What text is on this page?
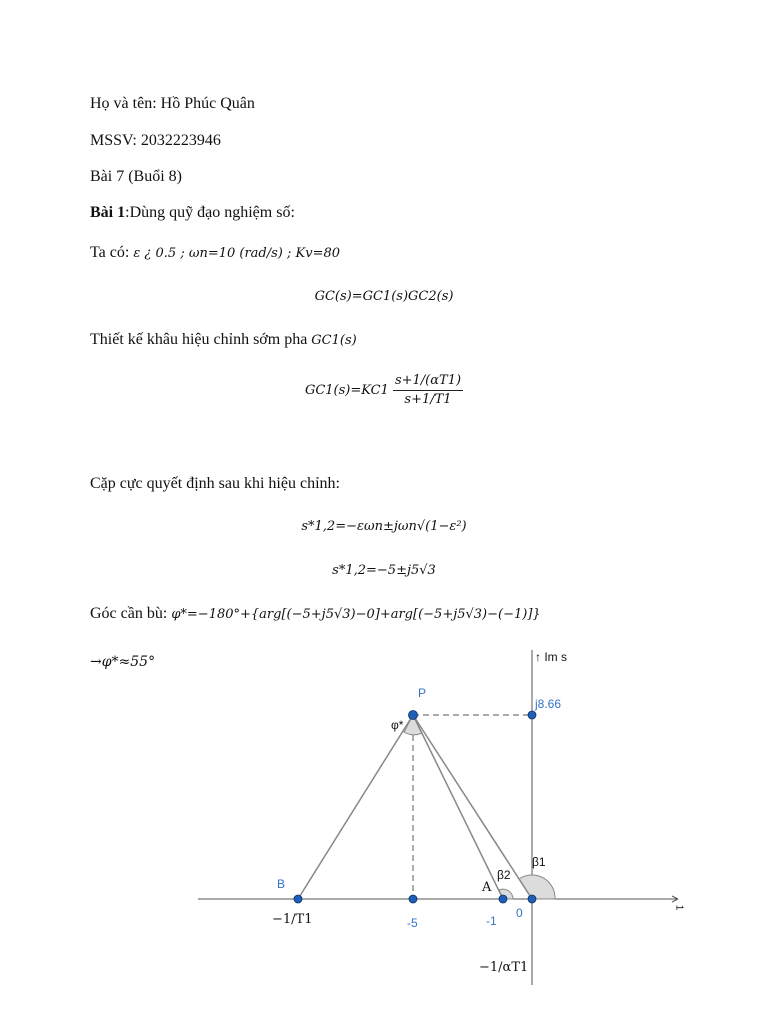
Họ và tên: Hồ Phúc Quân
MSSV: 2032223946
Bài 7 (Buổi 8)
Bài 1:Dùng quỹ đạo nghiệm số:
Ta có: ε ¿ 0.5 ; ωn=10 (rad/s) ; Kv=80
GC(s)=GC1(s)GC2(s)
Thiết kế khâu hiệu chỉnh sớm pha GC1(s)
$GC1(s)=KC1 \frac{s+1/(\alpha T1)}{s+1/T1}$
Cặp cực quyết định sau khi hiệu chỉnh:
s*1,2=−εωn±jωn√(1−ε²)
s*1,2=−5±j5√3
Góc cần bù: φ*=−180°+{arg[(−5+j5√3)−0]+arg[(−5+j5√3)−(−1)]}
→φ*≈55°	↑ Im s
P
j8.66
φ*
β1
β2
A
B
0
-1
-5
−1/T1
−1/αT1
1
